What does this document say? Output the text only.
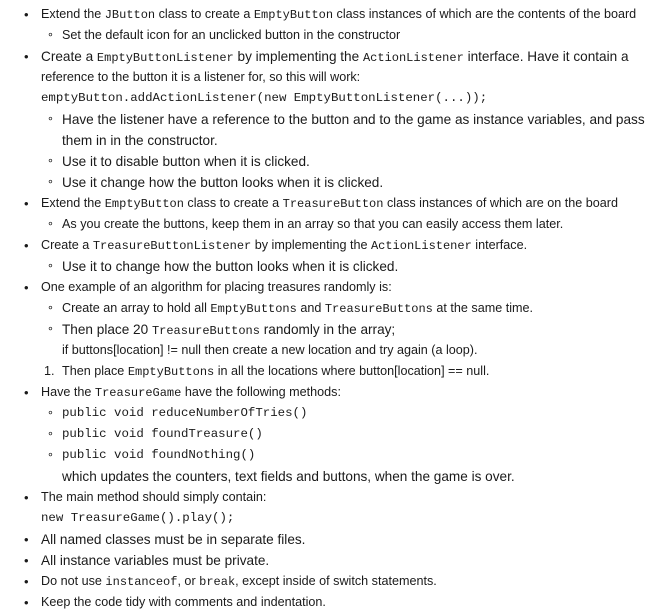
• Extend the JButton class to create a EmptyButton class instances of which are the contents of the board
∘ Set the default icon for an unclicked button in the constructor
• Create a EmptyButtonListener by implementing the ActionListener interface. Have it contain a
reference to the button it is a listener for, so this will work:
emptyButton.addActionListener(new EmptyButtonListener(...));
∘ Have the listener have a reference to the button and to the game as instance variables, and pass
them in in the constructor.
∘ Use it to disable button when it is clicked.
∘ Use it change how the button looks when it is clicked.
• Extend the EmptyButton class to create a TreasureButton class instances of which are on the board
∘ As you create the buttons, keep them in an array so that you can easily access them later.
• Create a TreasureButtonListener by implementing the ActionListener interface.
∘ Use it to change how the button looks when it is clicked.
• One example of an algorithm for placing treasures randomly is:
∘ Create an array to hold all EmptyButtons and TreasureButtons at the same time.
∘ Then place 20 TreasureButtons randomly in the array;
if buttons[location] != null then create a new location and try again (a loop).
1. Then place EmptyButtons in all the locations where button[location] == null.
• Have the TreasureGame have the following methods:
∘ public void reduceNumberOfTries()
∘ public void foundTreasure()
∘ public void foundNothing()
which updates the counters, text fields and buttons, when the game is over.
• The main method should simply contain:
new TreasureGame().play();
• All named classes must be in separate files.
• All instance variables must be private.
• Do not use instanceof, or break, except inside of switch statements.
• Keep the code tidy with comments and indentation.
